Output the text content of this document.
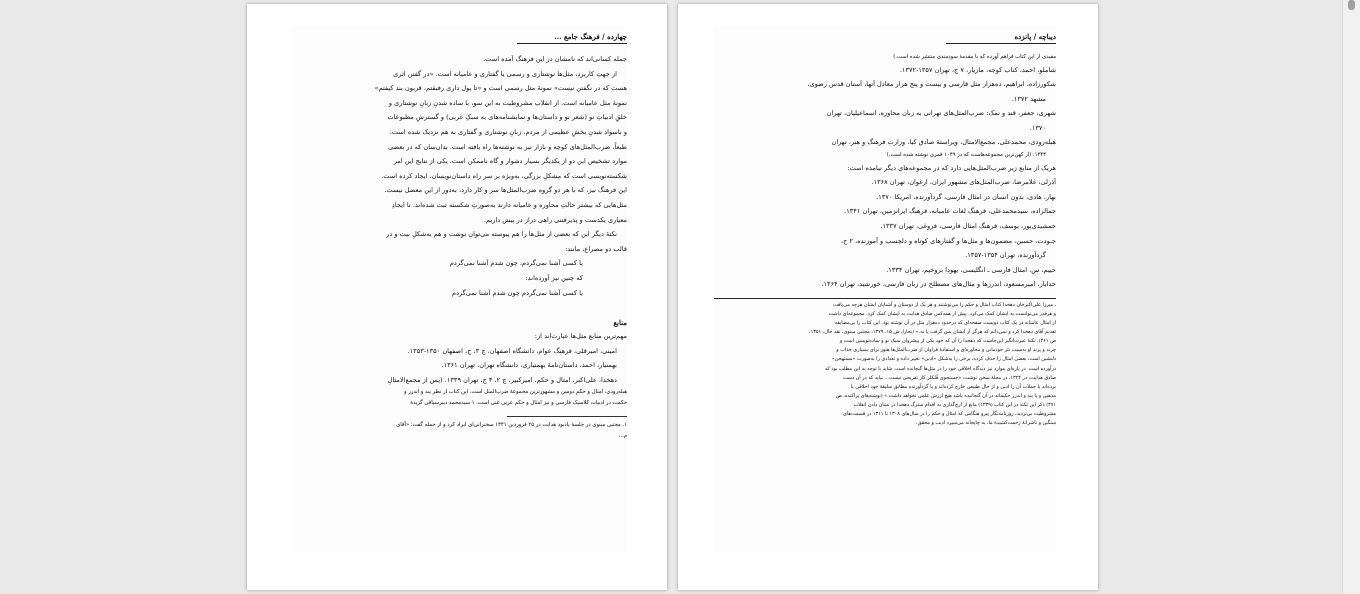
چهارده / فرهنگ جامع ...
جمله کسانی‌اند که نامشان در این فرهنگ آمده است.
از جهتِ کاربرد، مثل‌ها نوشتاری و رسمی یا گفتاری و عامیانه است. «در گفتن اثری
هست که در نگفتن نیست» نمونهٔ مثل رسمی است و «تا پول داری رفیقتم، قربون بند کیفتم»
نمونهٔ مثل عامیانه است. از انقلاب مشروطیت به این سو، با ساده شدنِ زبانِ نوشتاری و
خلقِ ادبیاتِ نو (شعر نو و داستان‌ها و نمایشنامه‌های به سبکِ غربی) و گسترشِ مطبوعات
و باسواد شدنِ بخشِ عظیمی از مردم، زبانِ نوشتاری و گفتاری به هم نزدیک شده است.
طبعاً، ضرب‌المثل‌های کوچه و بازار نیز به نوشته‌ها راه یافته است. بدان‌سان که در بعضی
موارد تشخیص این دو از یکدیگر بسیار دشوار و گاه ناممکن است. یکی از نتایج این امر
شکسته‌نویسی است که مشکلِ بزرگی، به‌ویژه بر سر راه داستان‌نویسان، ایجاد کرده است.
این فرهنگ نیز، که با هر دو گروه ضرب‌المثل‌ها سر و کار دارد، به‌دور از این معضل نیست.
مثل‌هایی که بیشتر حالتِ محاوره و عامیانه دارند به‌صورتِ شکسته ثبت شده‌اند. تا ایجادِ
معیاری یکدست و پذیرفتنی راهی دراز در پیش داریم.
نکتهٔ دیگر این که بعضی از مثل‌ها را هم پیوسته می‌توان نوشت و هم به‌شکلِ بیت و در
قالب دو مصراع، مانند:
یا کسی آشنا نمی‌گردم، چون شدم آشنا نمی‌گردم
که چنین نیز آورده‌اند:
یا کسی آشنا نمی‌گردم چون شدم آشنا نمی‌گردم
منابع
مهم‌ترین منابع مثل‌ها عبارت‌اند از:
امینی، امیرقلی، فرهنگ عوام، دانشگاه اصفهان، چ ۳، ج، اصفهان ۱۳۵۰-۱۳۵۳.
بهمنیار، احمد، داستان‌نامهٔ بهمنیاری، دانشگاه تهران، تهران ۱۳۶۱.
دهخدا، علی‌اکبر، امثال و حکم، امیرکبیر، چ ۲، ۴ ج، تهران ۱۳۳۹. (پس از مجمع‌الامثالِ
هبله‌رودی، امثال و حکمِ دومین و مشهورترین مجموعهٔ ضرب‌المثل است. این کتاب از نظر پند و اندرز و
حکمت در ادبیات کلاسیک فارسی و نیز امثال و حکم عربی غنی است. ۱ سیدمحمد دبیرسیاقی گزیدهٔ
۱. مجتبی مینوی در جلسهٔ یادبود هدایت در ۲۵ فروردین ۱۳۴۱ سخنرانی‌ای ایراد کرد و از جمله گفت: «آقای
م...
دیباچه / پانزده
مفیدی از این کتاب فراهم آورده که با مقدمهٔ سودمندی منتشر شده است.)
شاملو، احمد، کتاب کوچه، مازیار، ۷ ج، تهران ۱۳۵۷-۱۳۷۲.
شکورزاده، ابراهیم، ده‌هزار مثل فارسی و بیست و پنج هزار معادل آنها، آستان قدس رضوی،
مشهد ۱۳۷۲.
شهری، جعفر، قند و نمک: ضرب‌المثل‌های تهرانی به زبان محاوره، اسماعیلیان، تهران
۱۳۷۰.
هبله‌رودی، محمدعلی، مجمع‌الامثال، ویراستهٔ صادق کیا، وزارت فرهنگ و هنر، تهران
۱۳۴۴. (از کهن‌ترین مجموعه‌هاست که در ۱۰۴۹ قمری نوشته شده است.)
هریک از منابع زیر ضرب‌المثل‌هایی دارد که در مجموعه‌های دیگر نیامده است:
آذرلی، غلامرضا، ضرب‌المثل‌های مشهور ایران، ارغوان، تهران ۱۳۶۸.
بهار، هادی، بدون انسان در امثال فارسی، گردآورنده، امریکا ۱۳۷۰.
جمالزاده، سیدمحمدعلی، فرهنگ لغات عامیانه، فرهنگ ایرانزمین، تهران ۱۳۴۱.
جمشیدی‌پور، یوسف، فرهنگ امثال فارسی، فروغی، تهران ۱۳۳۷.
جـودت، حسین، مضمون‌ها و مثل‌ها و گفتارهای کوتاه و دلچسب و آموزنده، ۲ ج،
گردآورنده، تهران ۱۳۵۴-۱۳۵۷.
حییم، س، امثال فارسی ـ انگلیسی، یهودا بروخیم، تهران ۱۳۳۴.
خدایار، امیرمسعود، اندرزها و مثال‌های مصطلح در زبان فارسی، خورشید، تهران ۱۳۶۴.
ـ میرزا علی‌اکبرخان دهخدا کتاب امثال و حکم را می‌نوشتند و هر یک از دوستان و آشنایان ایشان هرچه می‌یافت
و هرقدر می‌توانست به ایشان کمک می‌کرد. پیش از همه‌کس صادق هدایت به ایشان کمک کرد. مجموعه‌ای داشت
از امثال عامیانه در یک کتاب دویست صفحه‌ای که درحدود ده‌هزار مثل در آن نوشته بود. این کتاب را بی‌مضایقه
تقدیم آقای دهخدا کرد و نمی‌دانم که هرگز از ایشان پس گرفت یا نه.» (بخارا، ش ۱۵، ۱۳۷۹، مجتبی مینوی، نقد حال، ۱۳۵۱،
ص ۴۶۱). نکتهٔ عبرت‌انگیز این‌جاست که دهخدا را آن که خود بکی از پیشروان سبک نو و ساده‌نویسی است و
چرند و پرند او به‌سبب نثر خودمانی و محاوره‌ای و استفادهٔ فراوان از ضرب‌المثل‌ها هنوز برای بسیاری جذاب و
دلنشین است، بعضی امثال را حذف کرده، برخی را به‌شکل «ادبی» تغییر داده و تعدادی را به‌صورت «مستهجن»
درآورده است. در پاره‌ای موارد نیز دیدگاه اخلاقی خود را در مثل‌ها گنجانده است. شاید با توجه به این مطلب بود که
صادق هدایت، در ۱۳۲۴، در مجلهٔ سخن نوشت: «جستجوی فُلکلر کار تفریحی نیست... نباید که در آن دست
برده‌اند یا جملات آن را ادبی و از حال طبیعی خارج کرده‌اند و یا گردآورنده مطابق سلیقهٔ خود اخلاقی یا
مذهبی و یا پند و اندرز حکیمانه در آن گنجانیده باشد هیچ ارزش علمی نخواهد داشت.» (نوشته‌های پراکنده، ص
۴۷۱) ذکر این نکته در این کتاب (۱۳۳۹) مانع از ارج‌گذاری به اقدام سترگ دهخدا در نشان دادن انقلاب
مشروطیت بی‌تردید، روزنامه‌نگار پیرو هنگامی که امثال و حکم را در سال‌های ۱۳۰۸ تا ۱۳۱۱ در قسمت‌های
سنگین و ناشرانهٔ زحمت‌کشیدهٔ ما، به چاپخانه می‌سپرد ادیب و محقق.
